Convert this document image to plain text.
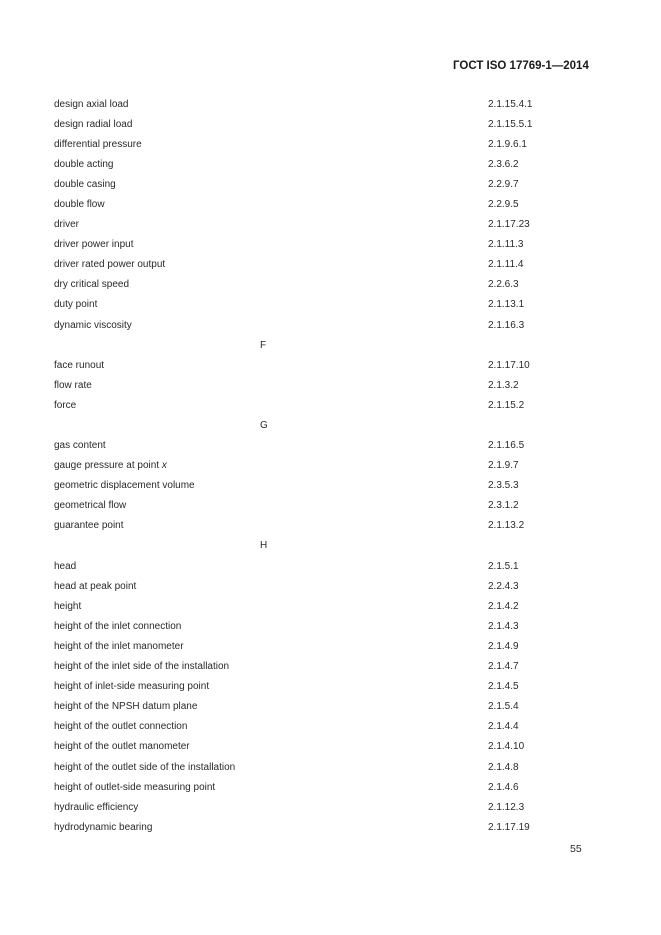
ГОСТ ISO 17769-1—2014
design axial load	2.1.15.4.1
design radial load	2.1.15.5.1
differential pressure	2.1.9.6.1
double acting	2.3.6.2
double casing	2.2.9.7
double flow	2.2.9.5
driver	2.1.17.23
driver power input	2.1.11.3
driver rated power output	2.1.11.4
dry critical speed	2.2.6.3
duty point	2.1.13.1
dynamic viscosity	2.1.16.3
F
face runout	2.1.17.10
flow rate	2.1.3.2
force	2.1.15.2
G
gas content	2.1.16.5
gauge pressure at point x	2.1.9.7
geometric displacement volume	2.3.5.3
geometrical flow	2.3.1.2
guarantee point	2.1.13.2
H
head	2.1.5.1
head at peak point	2.2.4.3
height	2.1.4.2
height of the inlet connection	2.1.4.3
height of the inlet manometer	2.1.4.9
height of the inlet side of the installation	2.1.4.7
height of inlet-side measuring point	2.1.4.5
height of the NPSH datum plane	2.1.5.4
height of the outlet connection	2.1.4.4
height of the outlet manometer	2.1.4.10
height of the outlet side of the installation	2.1.4.8
height of outlet-side measuring point	2.1.4.6
hydraulic efficiency	2.1.12.3
hydrodynamic bearing	2.1.17.19
55
